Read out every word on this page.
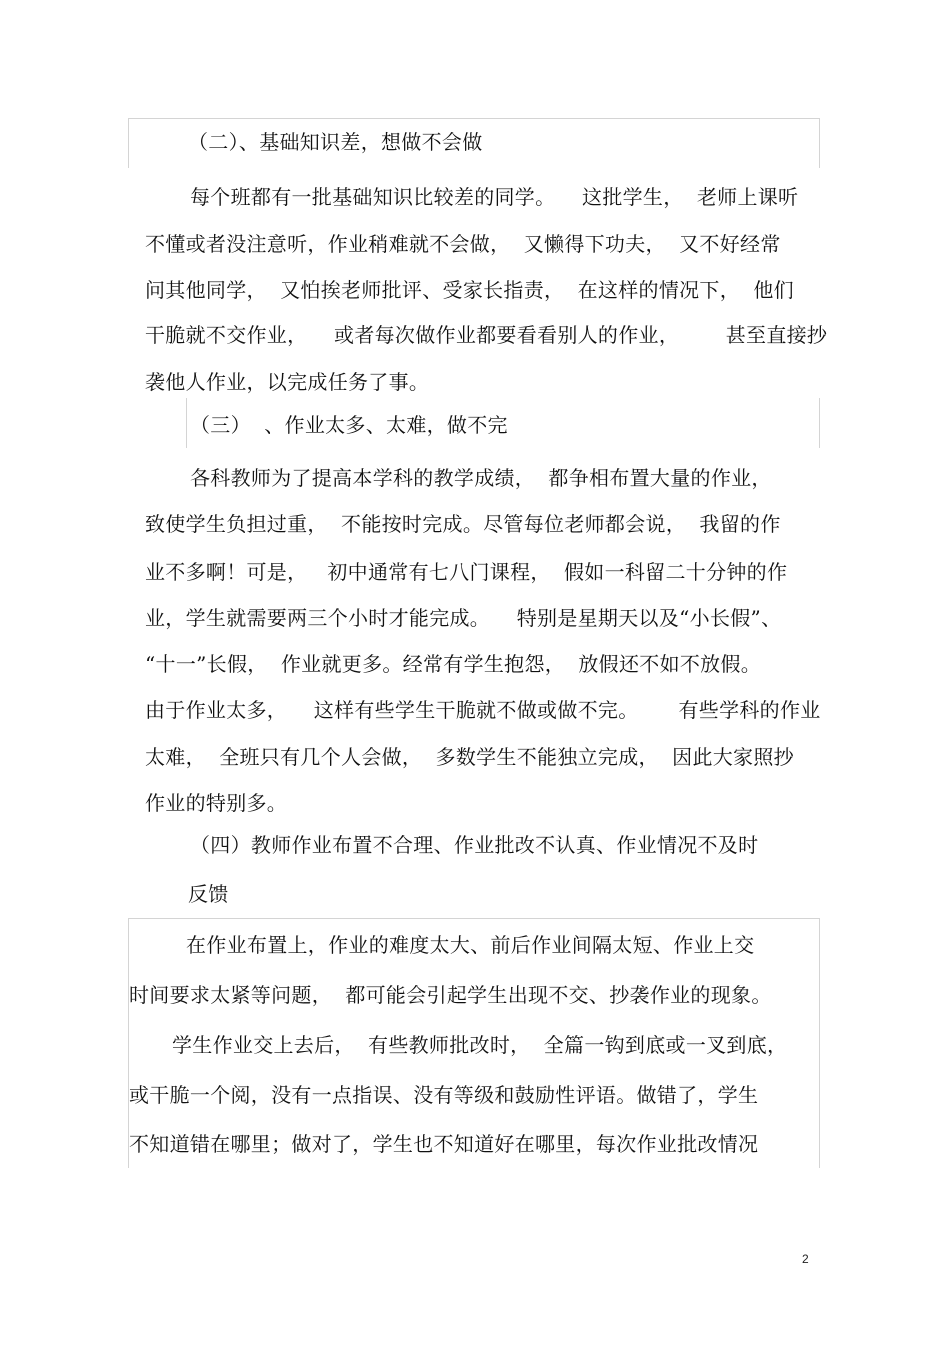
（二）、基础知识差，想做不会做
每个班都有一批基础知识比较差的同学。    这批学生，  老师上课听
不懂或者没注意听，作业稍难就不会做，  又懒得下功夫，  又不好经常
问其他同学，  又怕挨老师批评、受家长指责，  在这样的情况下，  他们
干脆就不交作业，    或者每次做作业都要看看别人的作业，       甚至直接抄
袭他人作业，以完成任务了事。
（三）  、作业太多、太难，做不完
各科教师为了提高本学科的教学成绩，  都争相布置大量的作业，
致使学生负担过重，  不能按时完成。尽管每位老师都会说，  我留的作
业不多啊！可是，   初中通常有七八门课程，  假如一科留二十分钟的作
业，学生就需要两三个小时才能完成。    特别是星期天以及“小长假”、
“十一”长假，  作业就更多。经常有学生抱怨，  放假还不如不放假。
由于作业太多，    这样有些学生干脆就不做或做不完。      有些学科的作业
太难，  全班只有几个人会做，  多数学生不能独立完成，  因此大家照抄
作业的特别多。
（四）教师作业布置不合理、作业批改不认真、作业情况不及时
反馈
在作业布置上，作业的难度太大、前后作业间隔太短、作业上交
时间要求太紧等问题，  都可能会引起学生出现不交、抄袭作业的现象。
学生作业交上去后，  有些教师批改时，  全篇一钩到底或一叉到底，
或干脆一个阅，没有一点指误、没有等级和鼓励性评语。做错了，学生
不知道错在哪里；做对了，学生也不知道好在哪里，每次作业批改情况
2
